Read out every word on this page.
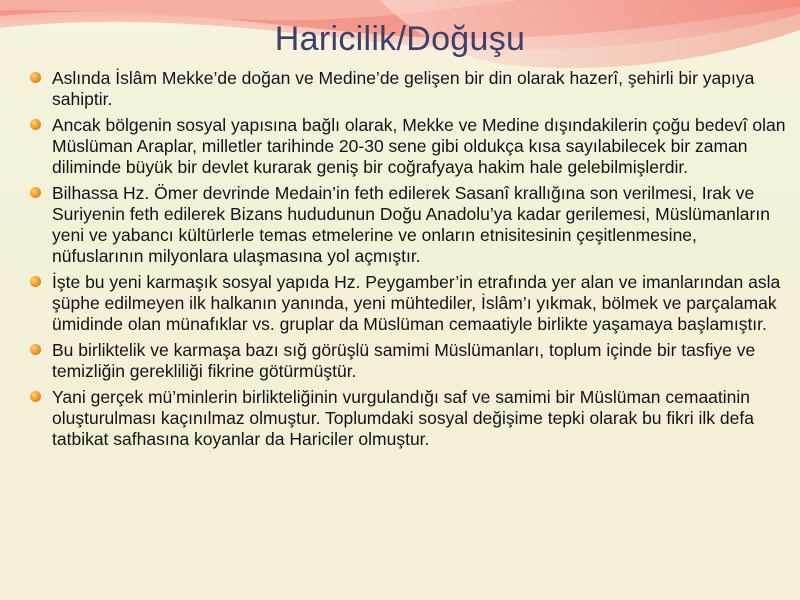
Haricilik/Doğuşu
Aslında İslâm Mekke’de doğan ve Medine’de gelişen bir din olarak hazerî, şehirli bir yapıya sahiptir.
Ancak bölgenin sosyal yapısına bağlı olarak, Mekke ve Medine dışındakilerin çoğu bedevî olan Müslüman Araplar, milletler tarihinde 20-30 sene gibi oldukça kısa sayılabilecek bir zaman diliminde büyük bir devlet kurarak geniş bir coğrafyaya hakim hale gelebilmişlerdir.
Bilhassa Hz. Ömer devrinde Medain’in feth edilerek Sasanî krallığına son verilmesi, Irak ve Suriyenin feth edilerek Bizans hududunun Doğu Anadolu’ya kadar gerilemesi, Müslümanların yeni ve yabancı kültürlerle temas etmelerine ve onların etnisitesinin çeşitlenmesine, nüfuslarının milyonlara ulaşmasına yol açmıştır.
İşte bu yeni karmaşık sosyal yapıda Hz. Peygamber’in etrafında yer alan ve imanlarından asla şüphe edilmeyen ilk halkanın yanında, yeni mühtediler, İslâm’ı yıkmak, bölmek ve parçalamak ümidinde olan münafıklar vs. gruplar da Müslüman cemaatiyle birlikte yaşamaya başlamıştır.
Bu birliktelik ve karmaşa bazı sığ görüşlü samimi Müslümanları, toplum içinde bir tasfiye ve temizliğin gerekliliği fikrine götürmüştür.
Yani gerçek mü’minlerin birlikteliğinin vurgulandığı saf ve samimi bir Müslüman cemaatinin oluşturulması kaçınılmaz olmuştur. Toplumdaki sosyal değişime tepki olarak bu fikri ilk defa tatbikat safhasına koyanlar da Hariciler olmuştur.
